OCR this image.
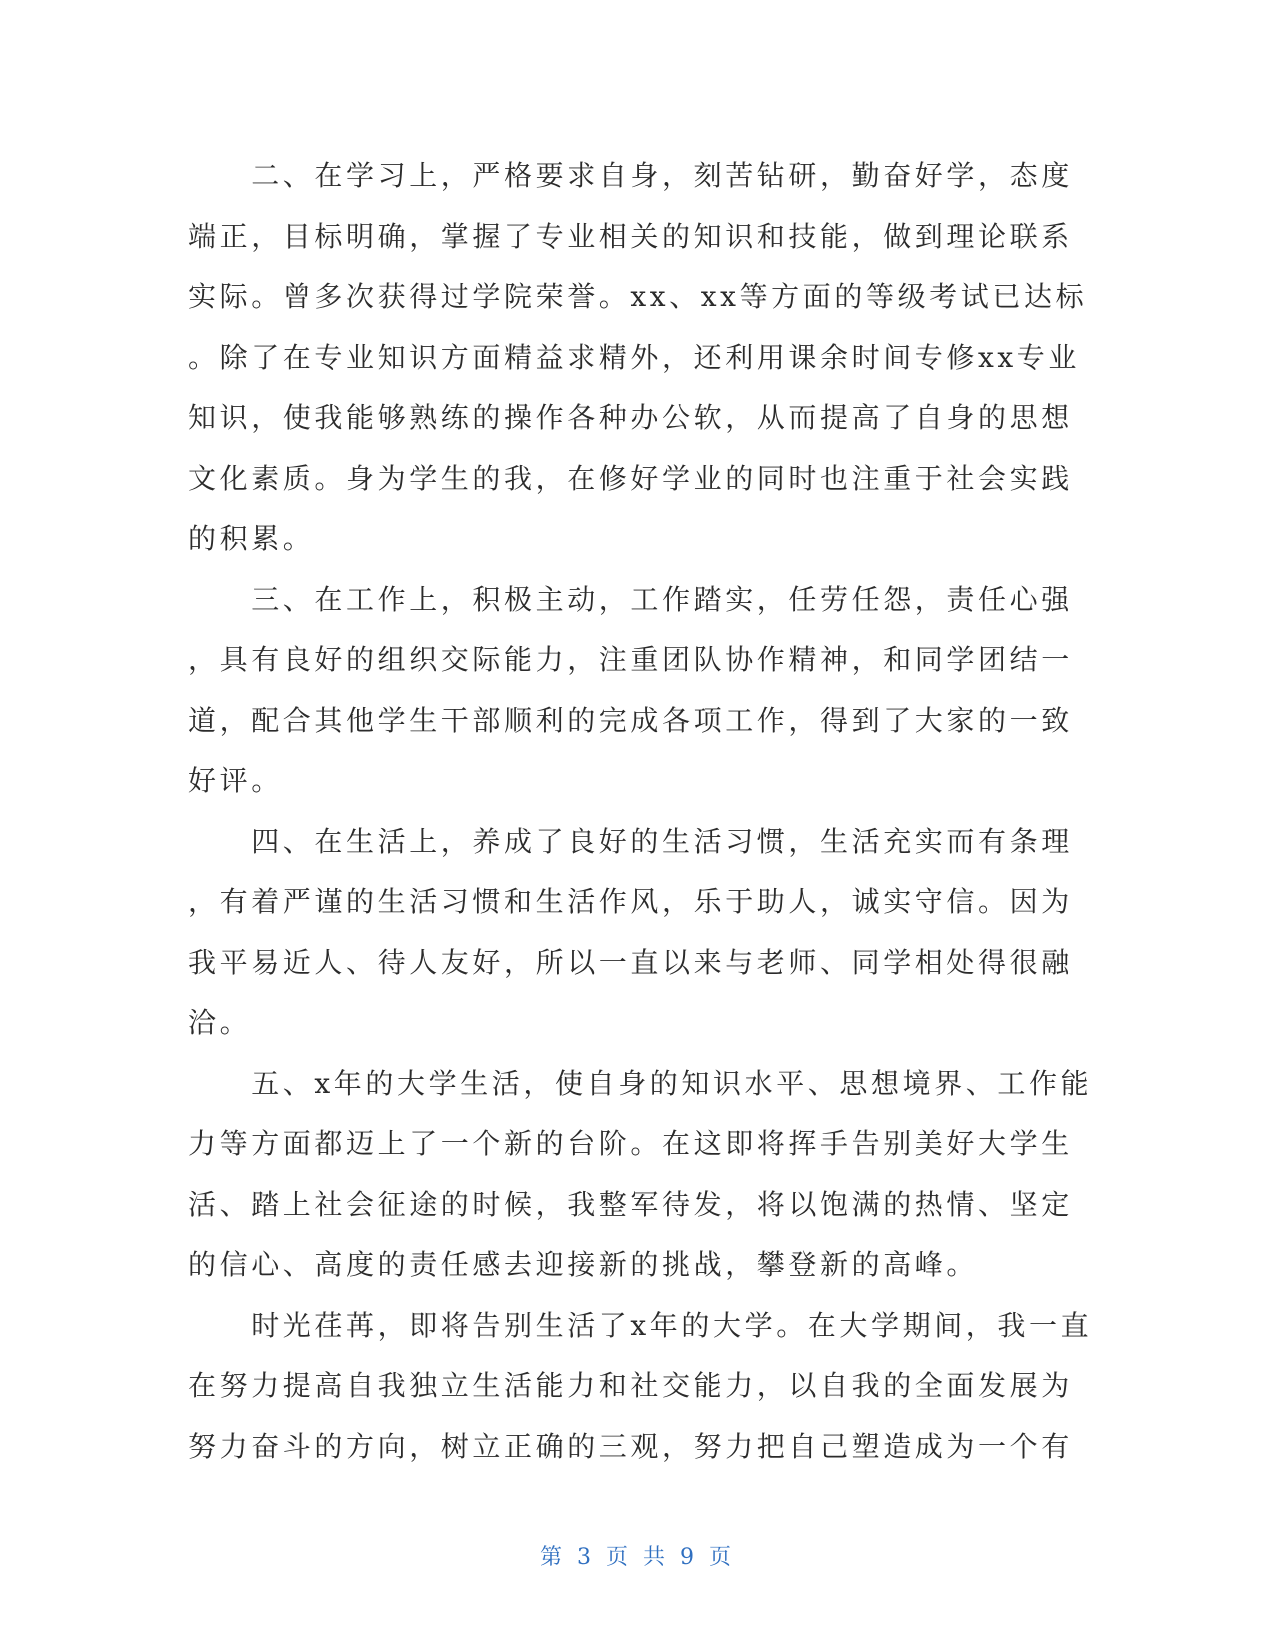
　　二、在学习上，严格要求自身，刻苦钻研，勤奋好学，态度
端正，目标明确，掌握了专业相关的知识和技能，做到理论联系
实际。曾多次获得过学院荣誉。xx、xx等方面的等级考试已达标
。除了在专业知识方面精益求精外，还利用课余时间专修xx专业
知识，使我能够熟练的操作各种办公软，从而提高了自身的思想
文化素质。身为学生的我，在修好学业的同时也注重于社会实践
的积累。
　　三、在工作上，积极主动，工作踏实，任劳任怨，责任心强
，具有良好的组织交际能力，注重团队协作精神，和同学团结一
道，配合其他学生干部顺利的完成各项工作，得到了大家的一致
好评。
　　四、在生活上，养成了良好的生活习惯，生活充实而有条理
，有着严谨的生活习惯和生活作风，乐于助人，诚实守信。因为
我平易近人、待人友好，所以一直以来与老师、同学相处得很融
洽。
　　五、x年的大学生活，使自身的知识水平、思想境界、工作能
力等方面都迈上了一个新的台阶。在这即将挥手告别美好大学生
活、踏上社会征途的时候，我整军待发，将以饱满的热情、坚定
的信心、高度的责任感去迎接新的挑战，攀登新的高峰。
　　时光荏苒，即将告别生活了x年的大学。在大学期间，我一直
在努力提高自我独立生活能力和社交能力，以自我的全面发展为
努力奋斗的方向，树立正确的三观，努力把自己塑造成为一个有
第 3 页 共 9 页
